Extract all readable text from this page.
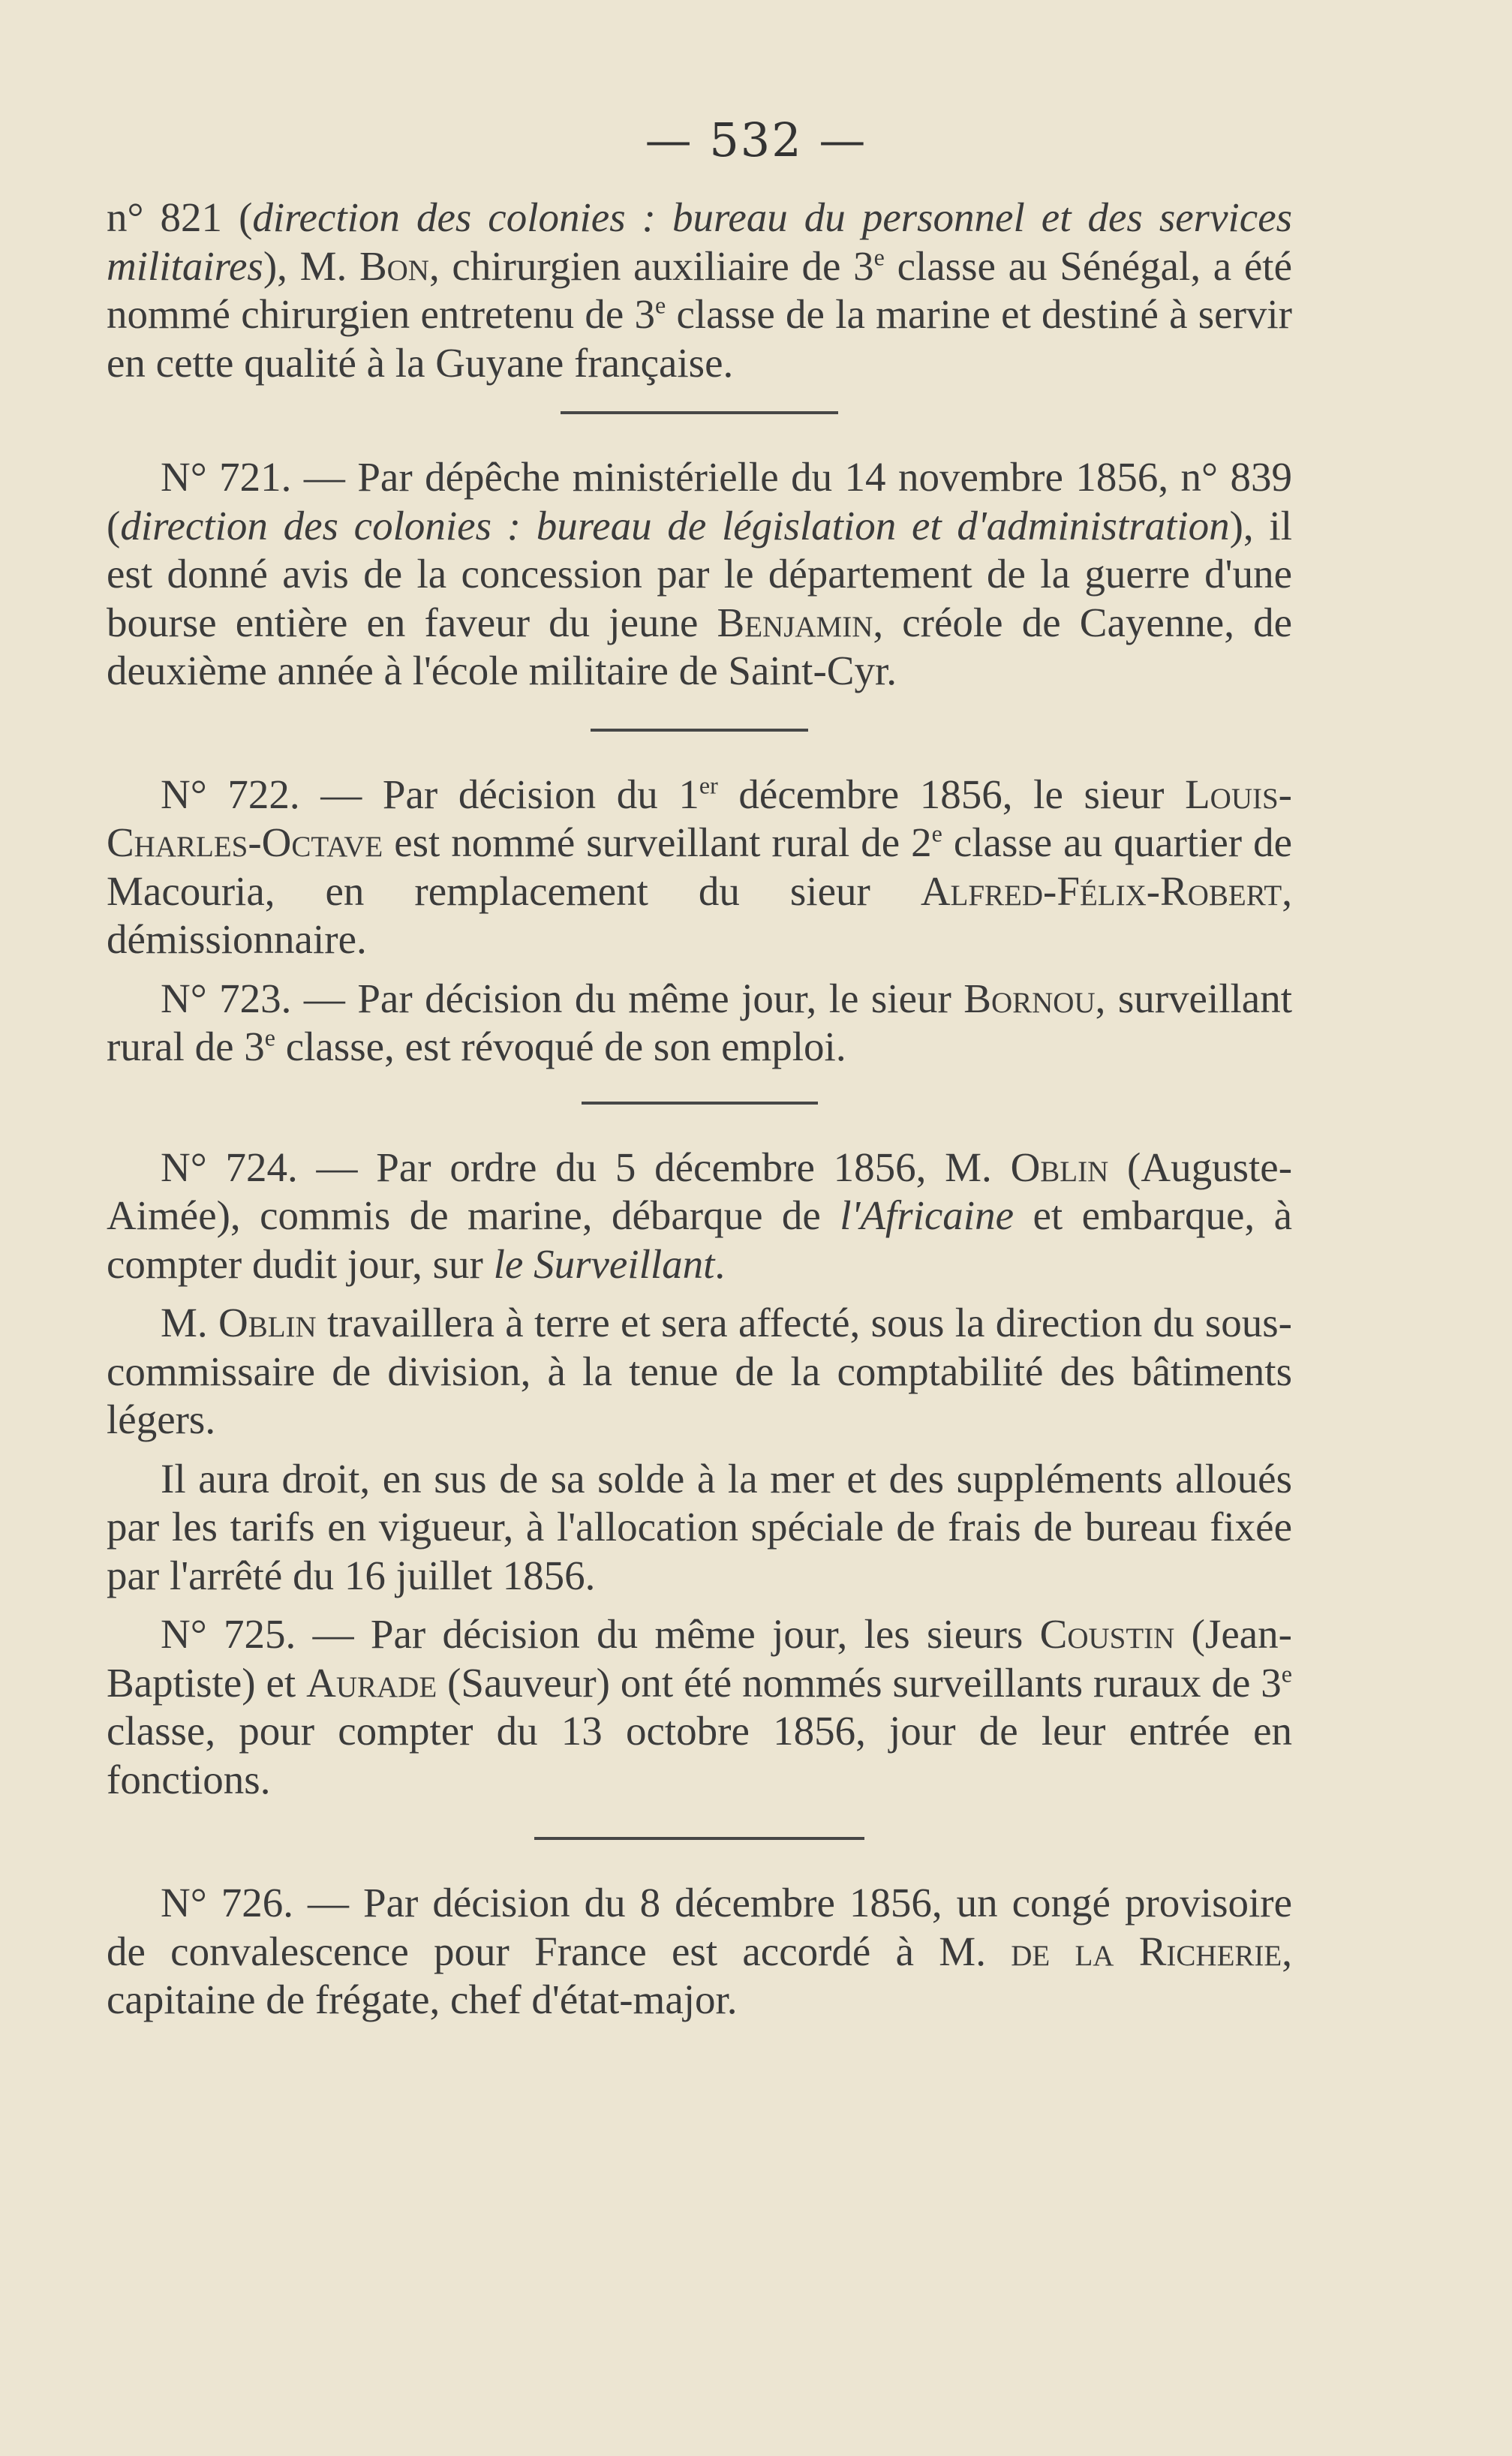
— 532 —

n° 821 (direction des colonies : bureau du personnel et des services militaires), M. Bon, chirurgien auxiliaire de 3e classe au Sénégal, a été nommé chirurgien entretenu de 3e classe de la marine et destiné à servir en cette qualité à la Guyane française.

N° 721. — Par dépêche ministérielle du 14 novembre 1856, n° 839 (direction des colonies : bureau de législation et d'administration), il est donné avis de la concession par le département de la guerre d'une bourse entière en faveur du jeune Benjamin, créole de Cayenne, de deuxième année à l'école militaire de Saint-Cyr.

N° 722. — Par décision du 1er décembre 1856, le sieur Louis-Charles-Octave est nommé surveillant rural de 2e classe au quartier de Macouria, en remplacement du sieur Alfred-Félix-Robert, démissionnaire.

N° 723. — Par décision du même jour, le sieur Bornou, surveillant rural de 3e classe, est révoqué de son emploi.

N° 724. — Par ordre du 5 décembre 1856, M. Oblin (Auguste-Aimée), commis de marine, débarque de l'Africaine et embarque, à compter dudit jour, sur le Surveillant.

M. Oblin travaillera à terre et sera affecté, sous la direction du sous-commissaire de division, à la tenue de la comptabilité des bâtiments légers.

Il aura droit, en sus de sa solde à la mer et des suppléments alloués par les tarifs en vigueur, à l'allocation spéciale de frais de bureau fixée par l'arrêté du 16 juillet 1856.

N° 725. — Par décision du même jour, les sieurs Coustin (Jean-Baptiste) et Aurade (Sauveur) ont été nommés surveillants ruraux de 3e classe, pour compter du 13 octobre 1856, jour de leur entrée en fonctions.

N° 726. — Par décision du 8 décembre 1856, un congé provisoire de convalescence pour France est accordé à M. de la Richerie, capitaine de frégate, chef d'état-major.
